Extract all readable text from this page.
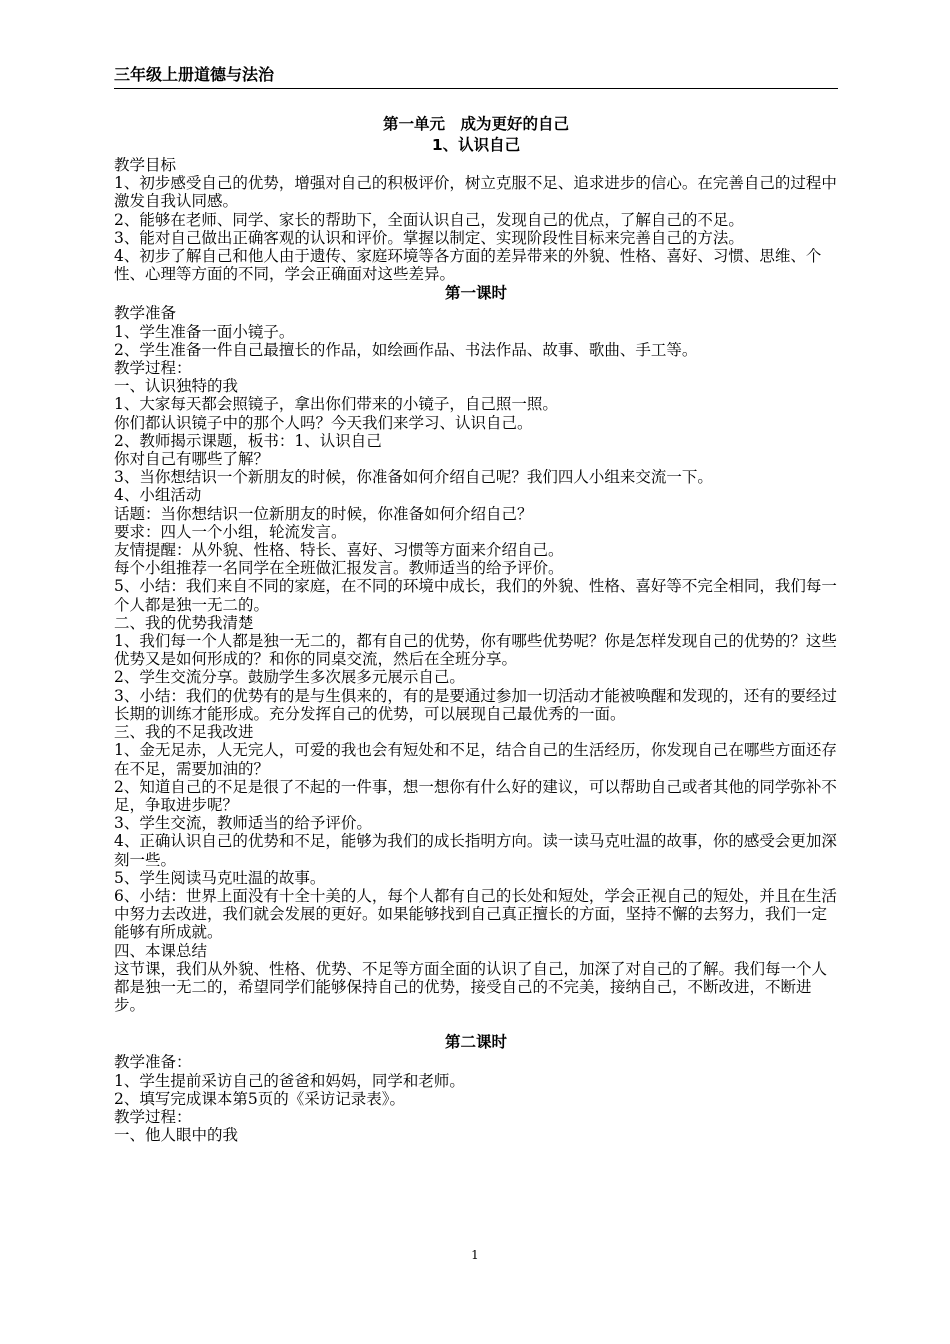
三年级上册道德与法治
第一单元　成为更好的自己
1、认识自己
教学目标
1、初步感受自己的优势，增强对自己的积极评价，树立克服不足、追求进步的信心。在完善自己的过程中激发自我认同感。
2、能够在老师、同学、家长的帮助下，全面认识自己，发现自己的优点，了解自己的不足。
3、能对自己做出正确客观的认识和评价。掌握以制定、实现阶段性目标来完善自己的方法。
4、初步了解自己和他人由于遗传、家庭环境等各方面的差异带来的外貌、性格、喜好、习惯、思维、个性、心理等方面的不同，学会正确面对这些差异。
第一课时
教学准备
1、学生准备一面小镜子。
2、学生准备一件自己最擅长的作品，如绘画作品、书法作品、故事、歌曲、手工等。
教学过程：
一、认识独特的我
1、大家每天都会照镜子，拿出你们带来的小镜子，自己照一照。
你们都认识镜子中的那个人吗？今天我们来学习、认识自己。
2、教师揭示课题，板书：1、认识自己
你对自己有哪些了解？
3、当你想结识一个新朋友的时候，你准备如何介绍自己呢？我们四人小组来交流一下。
4、小组活动
话题：当你想结识一位新朋友的时候，你准备如何介绍自己？
要求：四人一个小组，轮流发言。
友情提醒：从外貌、性格、特长、喜好、习惯等方面来介绍自己。
每个小组推荐一名同学在全班做汇报发言。教师适当的给予评价。
5、小结：我们来自不同的家庭，在不同的环境中成长，我们的外貌、性格、喜好等不完全相同，我们每一个人都是独一无二的。
二、我的优势我清楚
1、我们每一个人都是独一无二的，都有自己的优势，你有哪些优势呢？你是怎样发现自己的优势的？这些优势又是如何形成的？和你的同桌交流，然后在全班分享。
2、学生交流分享。鼓励学生多次展多元展示自己。
3、小结：我们的优势有的是与生俱来的，有的是要通过参加一切活动才能被唤醒和发现的，还有的要经过长期的训练才能形成。充分发挥自己的优势，可以展现自己最优秀的一面。
三、我的不足我改进
1、金无足赤，人无完人，可爱的我也会有短处和不足，结合自己的生活经历，你发现自己在哪些方面还存在不足，需要加油的？
2、知道自己的不足是很了不起的一件事，想一想你有什么好的建议，可以帮助自己或者其他的同学弥补不足，争取进步呢？
3、学生交流，教师适当的给予评价。
4、正确认识自己的优势和不足，能够为我们的成长指明方向。读一读马克吐温的故事，你的感受会更加深刻一些。
5、学生阅读马克吐温的故事。
6、小结：世界上面没有十全十美的人，每个人都有自己的长处和短处，学会正视自己的短处，并且在生活中努力去改进，我们就会发展的更好。如果能够找到自己真正擅长的方面，坚持不懈的去努力，我们一定能够有所成就。
四、本课总结
这节课，我们从外貌、性格、优势、不足等方面全面的认识了自己，加深了对自己的了解。我们每一个人都是独一无二的，希望同学们能够保持自己的优势，接受自己的不完美，接纳自己，不断改进，不断进步。
第二课时
教学准备：
1、学生提前采访自己的爸爸和妈妈，同学和老师。
2、填写完成课本第5页的《采访记录表》。
教学过程：
一、他人眼中的我
1
